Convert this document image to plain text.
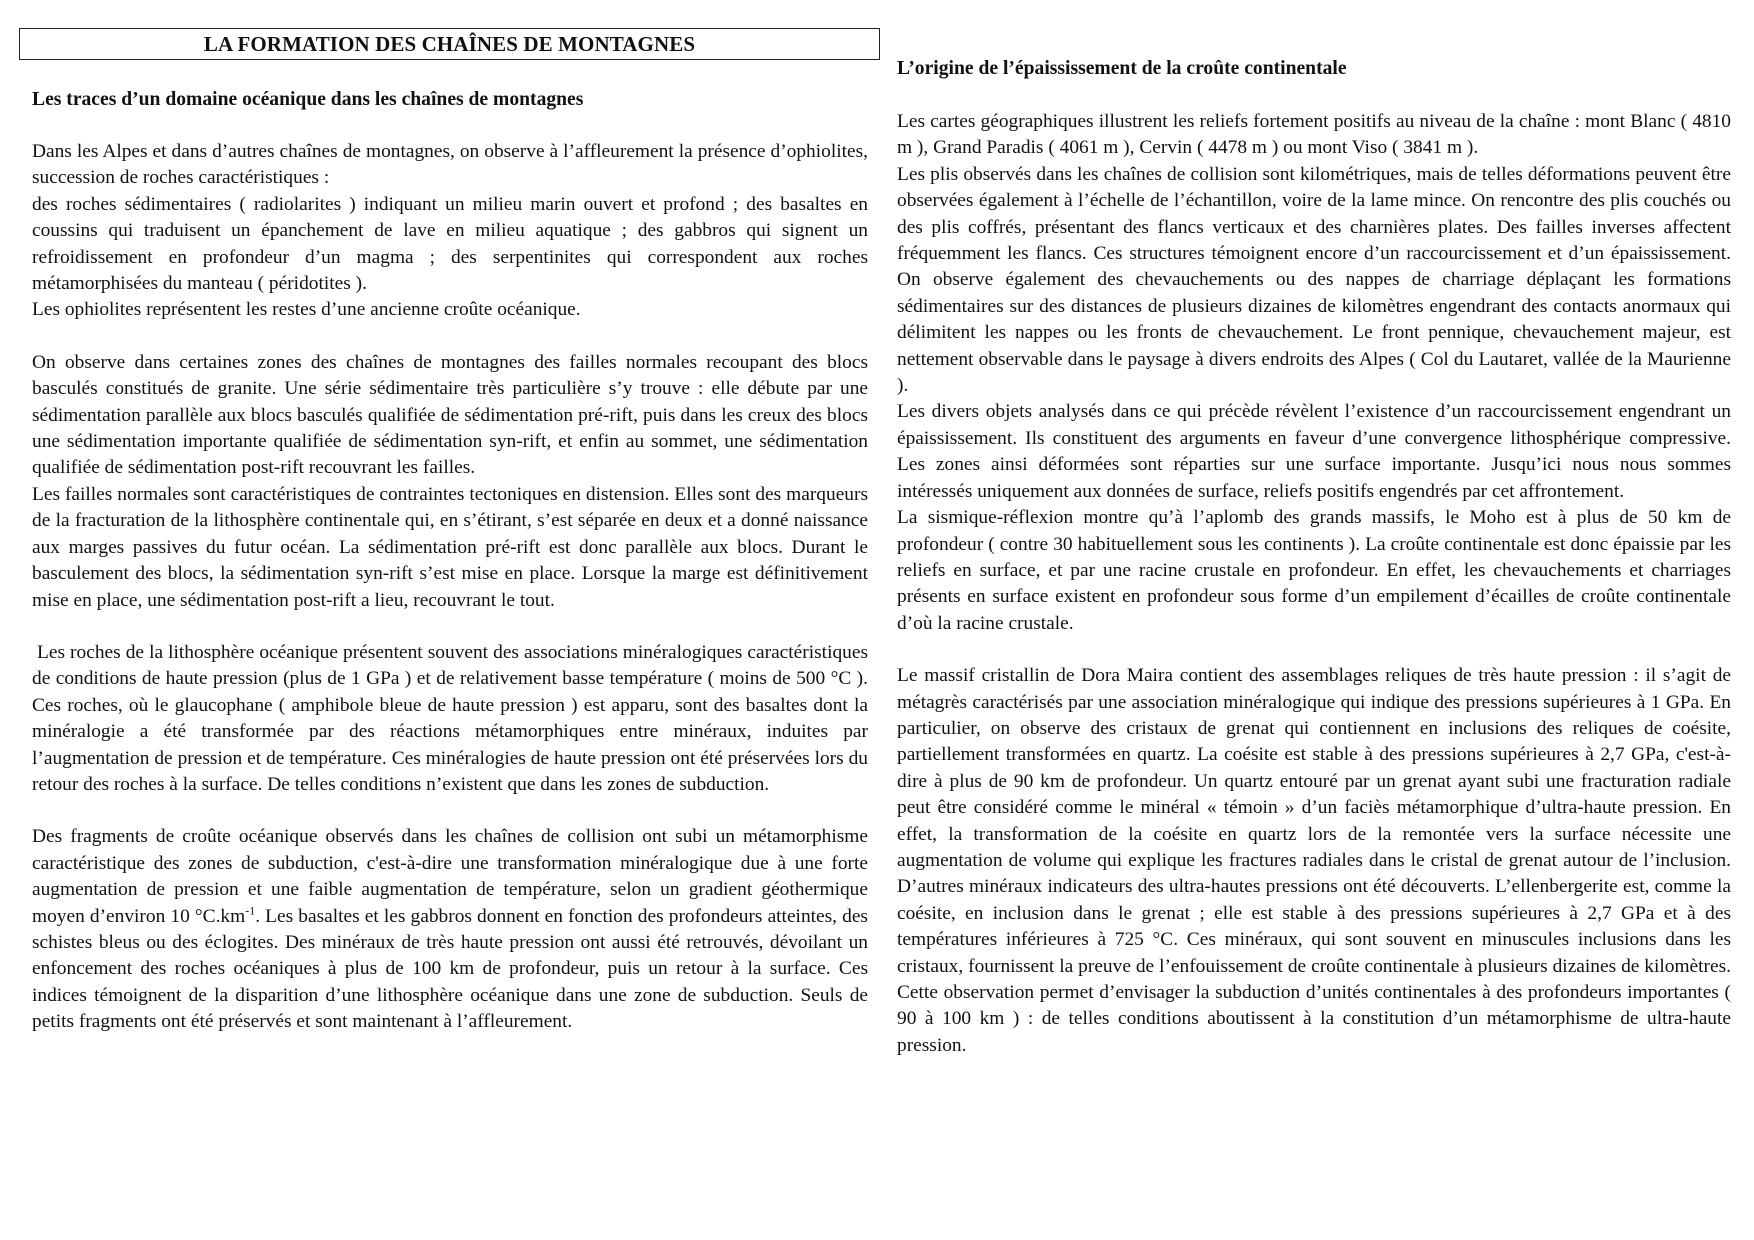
LA FORMATION DES CHAÎNES DE MONTAGNES
Les traces d’un domaine océanique dans les chaînes de montagnes

Dans les Alpes et dans d’autres chaînes de montagnes, on observe à l’affleurement la présence d’ophiolites, succession de roches caractéristiques :

des roches sédimentaires ( radiolarites ) indiquant un milieu marin ouvert et profond ; des basaltes en coussins qui traduisent un épanchement de lave en milieu aquatique ; des gabbros qui signent un refroidissement en profondeur d’un magma ; des serpentinites qui correspondent aux roches métamorphisées du manteau ( péridotites ).

Les ophiolites représentent les restes d’une ancienne croûte océanique.

On observe dans certaines zones des chaînes de montagnes des failles normales recoupant des blocs basculés constitués de granite. Une série sédimentaire très particulière s’y trouve : elle débute par une sédimentation parallèle aux blocs basculés qualifiée de sédimentation pré-rift, puis dans les creux des blocs une sédimentation importante qualifiée de sédimentation syn-rift, et enfin au sommet, une sédimentation qualifiée de sédimentation post-rift recouvrant les failles.

Les failles normales sont caractéristiques de contraintes tectoniques en distension. Elles sont des marqueurs de la fracturation de la lithosphère continentale qui, en s’étirant, s’est séparée en deux et a donné naissance aux marges passives du futur océan. La sédimentation pré-rift est donc parallèle aux blocs. Durant le basculement des blocs, la sédimentation syn-rift s’est mise en place. Lorsque la marge est définitivement mise en place, une sédimentation post-rift a lieu, recouvrant le tout.

Les roches de la lithosphère océanique présentent souvent des associations minéralogiques caractéristiques de conditions de haute pression (plus de 1 GPa ) et de relativement basse température ( moins de 500 °C ). Ces roches, où le glaucophane ( amphibole bleue de haute pression ) est apparu, sont des basaltes dont la minéralogie a été transformée par des réactions métamorphiques entre minéraux, induites par l’augmentation de pression et de température. Ces minéralogies de haute pression ont été préservées lors du retour des roches à la surface. De telles conditions n’existent que dans les zones de subduction.

Des fragments de croûte océanique observés dans les chaînes de collision ont subi un métamorphisme caractéristique des zones de subduction, c'est-à-dire une transformation minéralogique due à une forte augmentation de pression et une faible augmentation de température, selon un gradient géothermique moyen d’environ 10 $^\circ C.km^{-1}$. Les basaltes et les gabbros donnent en fonction des profondeurs atteintes, des schistes bleus ou des éclogites. Des minéraux de très haute pression ont aussi été retrouvés, dévoilant un enfoncement des roches océaniques à plus de 100 km de profondeur, puis un retour à la surface. Ces indices témoignent de la disparition d’une lithosphère océanique dans une zone de subduction. Seuls de petits fragments ont été préservés et sont maintenant à l’affleurement.

L’origine de l’épaississement de la croûte continentale

Les cartes géographiques illustrent les reliefs fortement positifs au niveau de la chaîne : mont Blanc ( 4810 m ), Grand Paradis ( 4061 m ), Cervin ( 4478 m ) ou mont Viso ( 3841 m ).

Les plis observés dans les chaînes de collision sont kilométriques, mais de telles déformations peuvent être observées également à l’échelle de l’échantillon, voire de la lame mince. On rencontre des plis couchés ou des plis coffrés, présentant des flancs verticaux et des charnières plates. Des failles inverses affectent fréquemment les flancs. Ces structures témoignent encore d’un raccourcissement et d’un épaississement. On observe également des chevauchements ou des nappes de charriage déplaçant les formations sédimentaires sur des distances de plusieurs dizaines de kilomètres engendrant des contacts anormaux qui délimitent les nappes ou les fronts de chevauchement. Le front pennique, chevauchement majeur, est nettement observable dans le paysage à divers endroits des Alpes ( Col du Lautaret, vallée de la Maurienne ).

Les divers objets analysés dans ce qui précède révèlent l’existence d’un raccourcissement engendrant un épaississement. Ils constituent des arguments en faveur d’une convergence lithosphérique compressive. Les zones ainsi déformées sont réparties sur une surface importante. Jusqu’ici nous nous sommes intéressés uniquement aux données de surface, reliefs positifs engendrés par cet affrontement.

La sismique-réflexion montre qu’à l’aplomb des grands massifs, le Moho est à plus de 50 km de profondeur ( contre 30 habituellement sous les continents ). La croûte continentale est donc épaissie par les reliefs en surface, et par une racine crustale en profondeur. En effet, les chevauchements et charriages présents en surface existent en profondeur sous forme d’un empilement d’écailles de croûte continentale d’où la racine crustale.

Le massif cristallin de Dora Maira contient des assemblages reliques de très haute pression : il s’agit de métagrès caractérisés par une association minéralogique qui indique des pressions supérieures à 1 GPa. En particulier, on observe des cristaux de grenat qui contiennent en inclusions des reliques de coésite, partiellement transformées en quartz. La coésite est stable à des pressions supérieures à 2,7 GPa, c'est-à-dire à plus de 90 km de profondeur. Un quartz entouré par un grenat ayant subi une fracturation radiale peut être considéré comme le minéral « témoin » d’un faciès métamorphique d’ultra-haute pression. En effet, la transformation de la coésite en quartz lors de la remontée vers la surface nécessite une augmentation de volume qui explique les fractures radiales dans le cristal de grenat autour de l’inclusion. D’autres minéraux indicateurs des ultra-hautes pressions ont été découverts. L’ellenbergerite est, comme la coésite, en inclusion dans le grenat ; elle est stable à des pressions supérieures à 2,7 GPa et à des températures inférieures à 725 °C. Ces minéraux, qui sont souvent en minuscules inclusions dans les cristaux, fournissent la preuve de l’enfouissement de croûte continentale à plusieurs dizaines de kilomètres. Cette observation permet d’envisager la subduction d’unités continentales à des profondeurs importantes ( 90 à 100 km ) : de telles conditions aboutissent à la constitution d’un métamorphisme de ultra-haute pression.
